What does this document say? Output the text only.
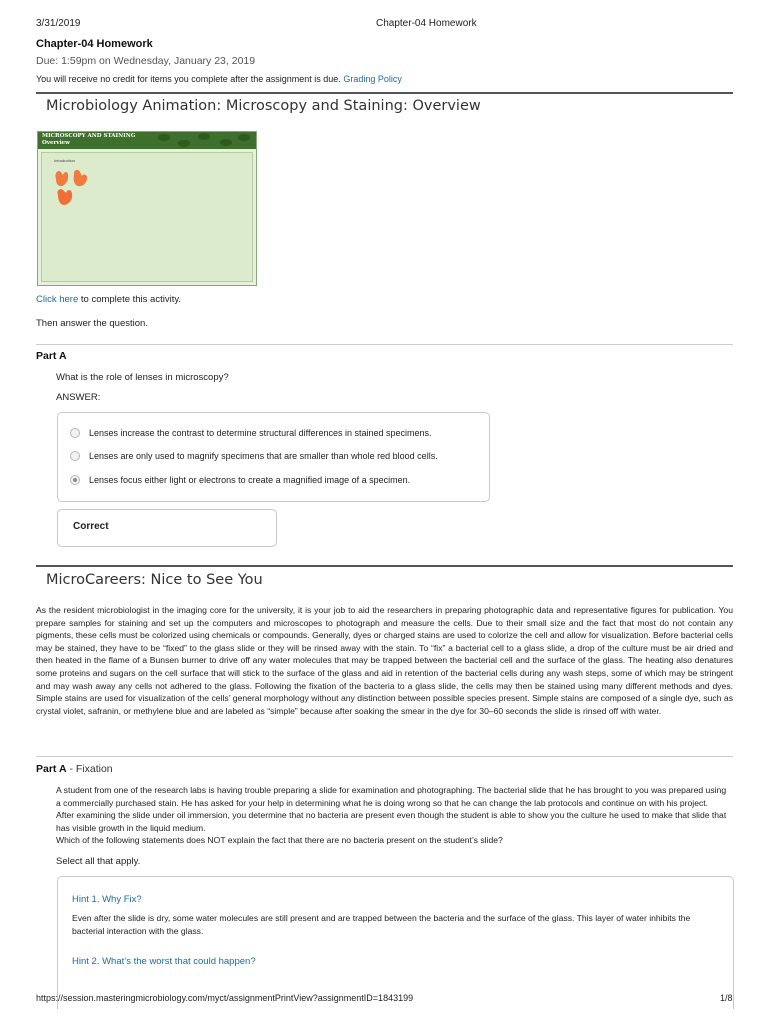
3/31/2019	Chapter-04 Homework
Chapter-04 Homework
Due: 1:59pm on Wednesday, January 23, 2019
You will receive no credit for items you complete after the assignment is due. Grading Policy
Microbiology Animation: Microscopy and Staining: Overview
MICROSCOPY AND STAINING
Overview
Introduction
Click here to complete this activity.
Then answer the question.
Part A
What is the role of lenses in microscopy?
ANSWER:
Lenses increase the contrast to determine structural differences in stained specimens.
Lenses are only used to magnify specimens that are smaller than whole red blood cells.
Lenses focus either light or electrons to create a magnified image of a specimen.
Correct
MicroCareers: Nice to See You
As the resident microbiologist in the imaging core for the university, it is your job to aid the researchers in preparing photographic data and representative figures for publication. You prepare samples for staining and set up the computers and microscopes to photograph and measure the cells. Due to their small size and the fact that most do not contain any pigments, these cells must be colorized using chemicals or compounds. Generally, dyes or charged stains are used to colorize the cell and allow for visualization. Before bacterial cells may be stained, they have to be “fixed” to the glass slide or they will be rinsed away with the stain. To “fix” a bacterial cell to a glass slide, a drop of the culture must be air dried and then heated in the flame of a Bunsen burner to drive off any water molecules that may be trapped between the bacterial cell and the surface of the glass. The heating also denatures some proteins and sugars on the cell surface that will stick to the surface of the glass and aid in retention of the bacterial cells during any wash steps, some of which may be stringent and may wash away any cells not adhered to the glass. Following the fixation of the bacteria to a glass slide, the cells may then be stained using many different methods and dyes. Simple stains are used for visualization of the cells’ general morphology without any distinction between possible species present. Simple stains are composed of a single dye, such as crystal violet, safranin, or methylene blue and are labeled as “simple” because after soaking the smear in the dye for 30–60 seconds the slide is rinsed off with water.
Part A - Fixation
A student from one of the research labs is having trouble preparing a slide for examination and photographing. The bacterial slide that he has brought to you was prepared using a commercially purchased stain. He has asked for your help in determining what he is doing wrong so that he can change the lab protocols and continue on with his project. After examining the slide under oil immersion, you determine that no bacteria are present even though the student is able to show you the culture he used to make that slide that has visible growth in the liquid medium.
Which of the following statements does NOT explain the fact that there are no bacteria present on the student’s slide?
Select all that apply.
Hint 1. Why Fix?
Even after the slide is dry, some water molecules are still present and are trapped between the bacteria and the surface of the glass. This layer of water inhibits the bacterial interaction with the glass.
Hint 2. What’s the worst that could happen?
https://session.masteringmicrobiology.com/myct/assignmentPrintView?assignmentID=1843199	1/8
